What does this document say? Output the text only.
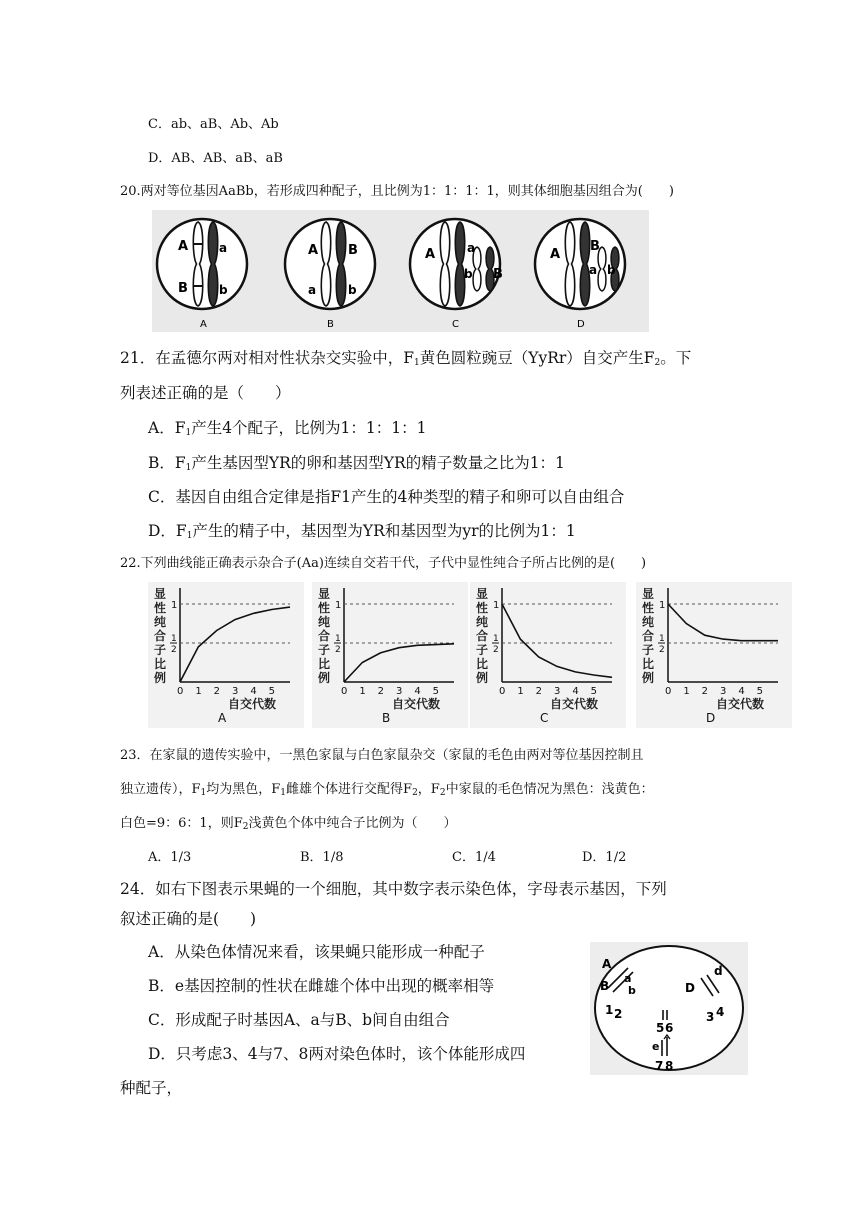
C．ab、aB、Ab、Ab
D．AB、AB、aB、aB
20.两对等位基因AaBb，若形成四种配子，且比例为1：1：1：1，则其体细胞基因组合为(　　)
A	a
B	b
A
A B
a	b
B
A	a
b B
C
A
B
a b
D
21．在孟德尔两对相对性状杂交实验中，$F_1$黄色圆粒豌豆（YyRr）自交产生$F_2$。下
列表述正确的是（　　）
A．$F_1$产生4个配子，比例为1：1：1：1
B．$F_1$产生基因型YR的卵和基因型YR的精子数量之比为1：1
C．基因自由组合定律是指F1产生的4种类型的精子和卵可以自由组合
D．$F_1$产生的精子中，基因型为YR和基因型为yr的比例为1：1
22.下列曲线能正确表示杂合子(Aa)连续自交若干代，子代中显性纯合子所占比例的是(　　)
显
性
纯
合
子
比
例
1
1
2
0 1 2 3 4 5
自交代数
A
显
性
纯
合
子
比
例
1
1
2
0 1 2 3 4 5
自交代数
B
显
性
纯
合
子
比
例
1
1
2
0 1 2 3 4 5
自交代数
C
显
性
纯
合
子
比
例
1
1
2
0 1 2 3 4 5
自交代数
D
23．在家鼠的遗传实验中，一黑色家鼠与白色家鼠杂交（家鼠的毛色由两对等位基因控制且
独立遗传），$F_1$均为黑色，$F_1$雌雄个体进行交配得$F_2$，$F_2$中家鼠的毛色情况为黑色：浅黄色：
白色=9：6：1，则$F_2$浅黄色个体中纯合子比例为（　　）
A．1/3	B．1/8	C．1/4	D．1/2
24．如右下图表示果蝇的一个细胞，其中数字表示染色体，字母表示基因，下列
叙述正确的是(　　)
A．从染色体情况来看，该果蝇只能形成一种配子
B．e基因控制的性状在雌雄个体中出现的概率相等
C．形成配子时基因A、a与B、b间自由组合
D．只考虑3、4与7、8两对染色体时，该个体能形成四
种配子，
A
a
B b
1 2
d
D
3 4
5 6
e
7 8
